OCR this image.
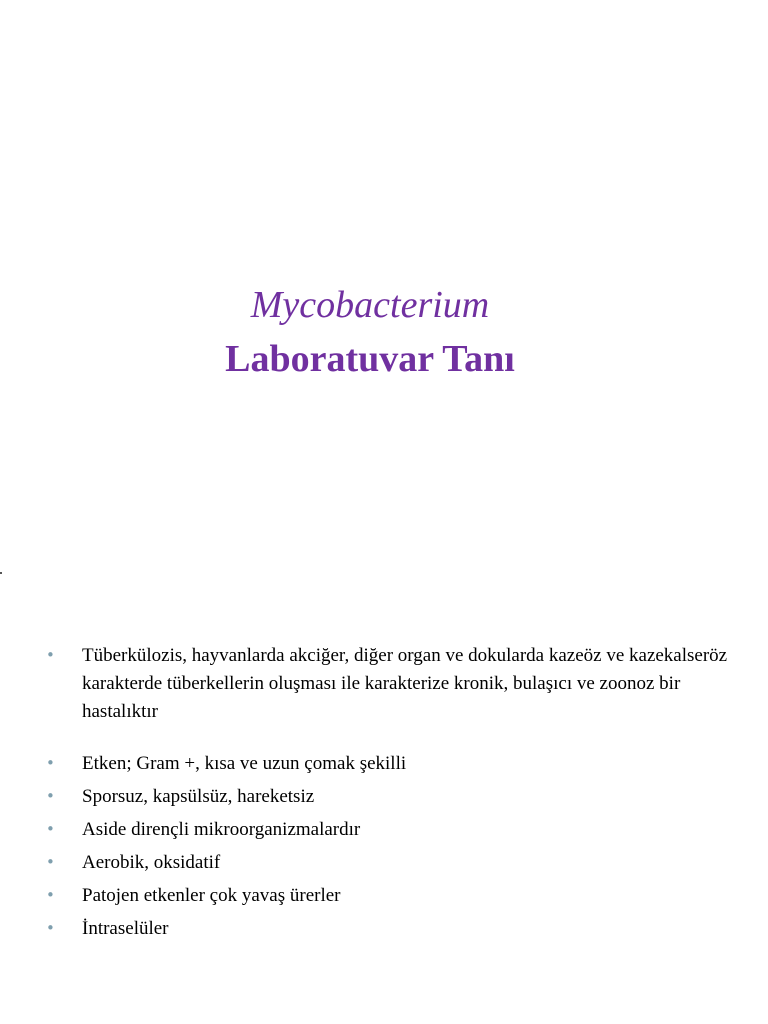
Mycobacterium
Laboratuvar Tanı
• Tüberkülozis, hayvanlarda akciğer, diğer organ ve dokularda kazeöz ve kazekalseröz karakterde tüberkellerin oluşması ile karakterize kronik, bulaşıcı ve zoonoz bir hastalıktır
• Etken; Gram +, kısa ve uzun çomak şekilli
• Sporsuz, kapsülsüz, hareketsiz
• Aside dirençli mikroorganizmalardır
• Aerobik, oksidatif
• Patojen etkenler çok yavaş ürerler
• İntraselüler
